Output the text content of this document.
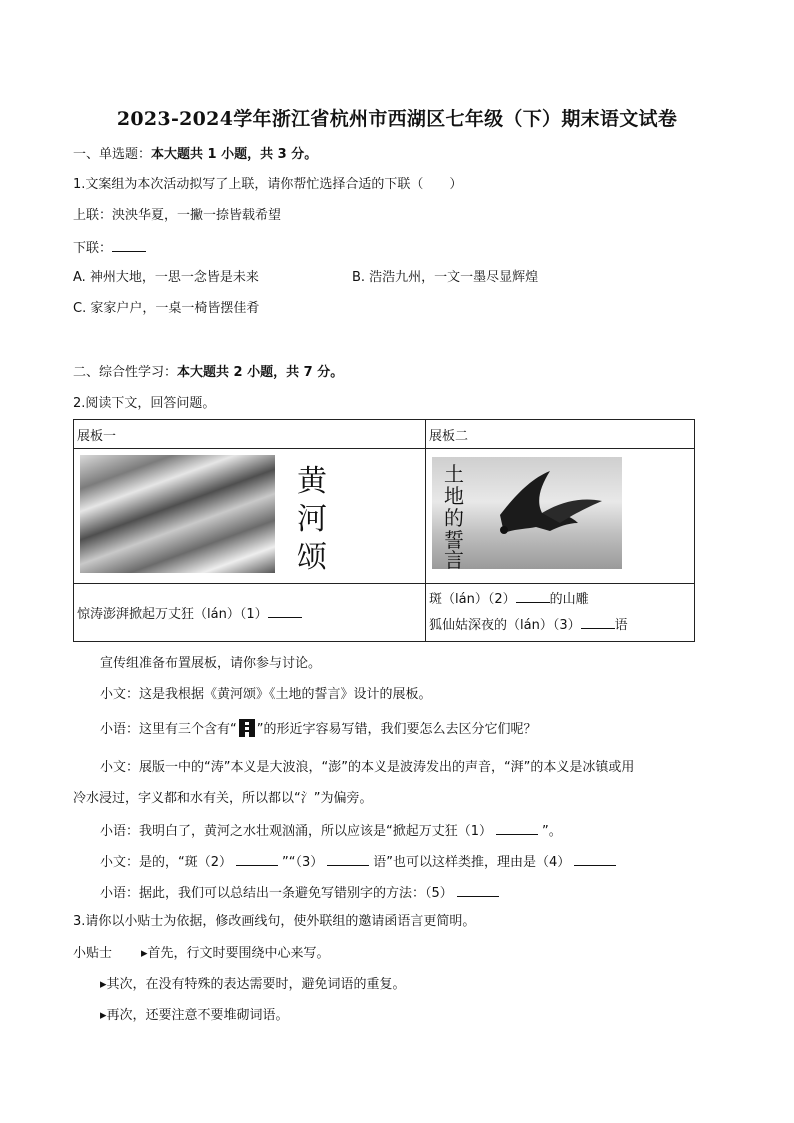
2023-2024学年浙江省杭州市西湖区七年级（下）期末语文试卷
一、单选题：本大题共 1 小题，共 3 分。
1.文案组为本次活动拟写了上联，请你帮忙选择合适的下联（　　）
上联：泱泱华夏，一撇一捺皆载希望
下联：
A. 神州大地，一思一念皆是未来	B. 浩浩九州，一文一墨尽显辉煌
C. 家家户户，一桌一椅皆摆佳肴
二、综合性学习：本大题共 2 小题，共 7 分。
2.阅读下文，回答问题。
展板一	展板二

黄
河
颂	土
地
的
誓
言

惊涛澎湃掀起万丈狂（lán）（1）	斑（lán）（2） 的山雕
狐仙姑深夜的（lán）（3） 语
宣传组准备布置展板，请你参与讨论。
小文：这是我根据《黄河颂》《土地的誓言》设计的展板。
小语：这里有三个含有“ ”的形近字容易写错，我们要怎么去区分它们呢？
小文：展版一中的“涛”本义是大波浪，“澎”的本义是波涛发出的声音，“湃”的本义是冰镇或用
冷水浸过，字义都和水有关，所以都以“氵”为偏旁。
小语：我明白了，黄河之水壮观汹涌，所以应该是“掀起万丈狂（1）	”。
小文：是的，“斑（2）	”“（3）	语”也可以这样类推，理由是（4）
小语：据此，我们可以总结出一条避免写错别字的方法：（5）
3.请你以小贴士为依据，修改画线句，使外联组的邀请函语言更简明。
小贴士 ▸首先，行文时要围绕中心来写。
▸其次，在没有特殊的表达需要时，避免词语的重复。
▸再次，还要注意不要堆砌词语。
